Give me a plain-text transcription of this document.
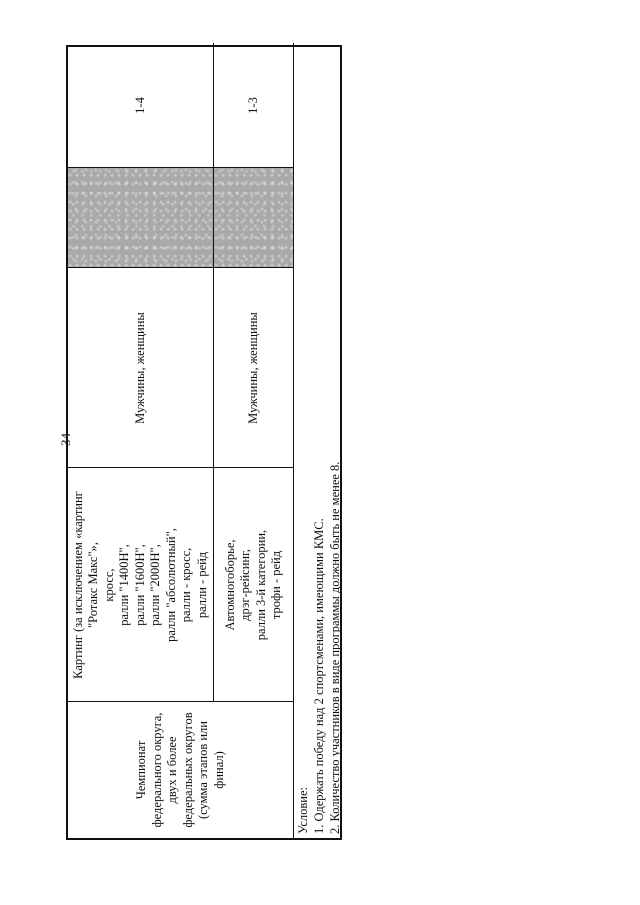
34
Чемпионат федерального округа, двух и более федеральных округов (сумма этапов или финал)
Картинг (за исключением «картинг "Ротакс Макс"», кросс, ралли "1400Н", ралли "1600Н", ралли "2000Н", ралли "абсолютный", ралли - кросс, ралли - рейд
Мужчины, женщины
1-4
Автомногоборье, дрэг-рейсинг, ралли 3-й категории, трофи - рейд
Мужчины, женщины
1-3
Условие: 1. Одержать победу над 2 спортсменами, имеющими КМС. 2. Количество участников в виде программы должно быть не менее 8.
